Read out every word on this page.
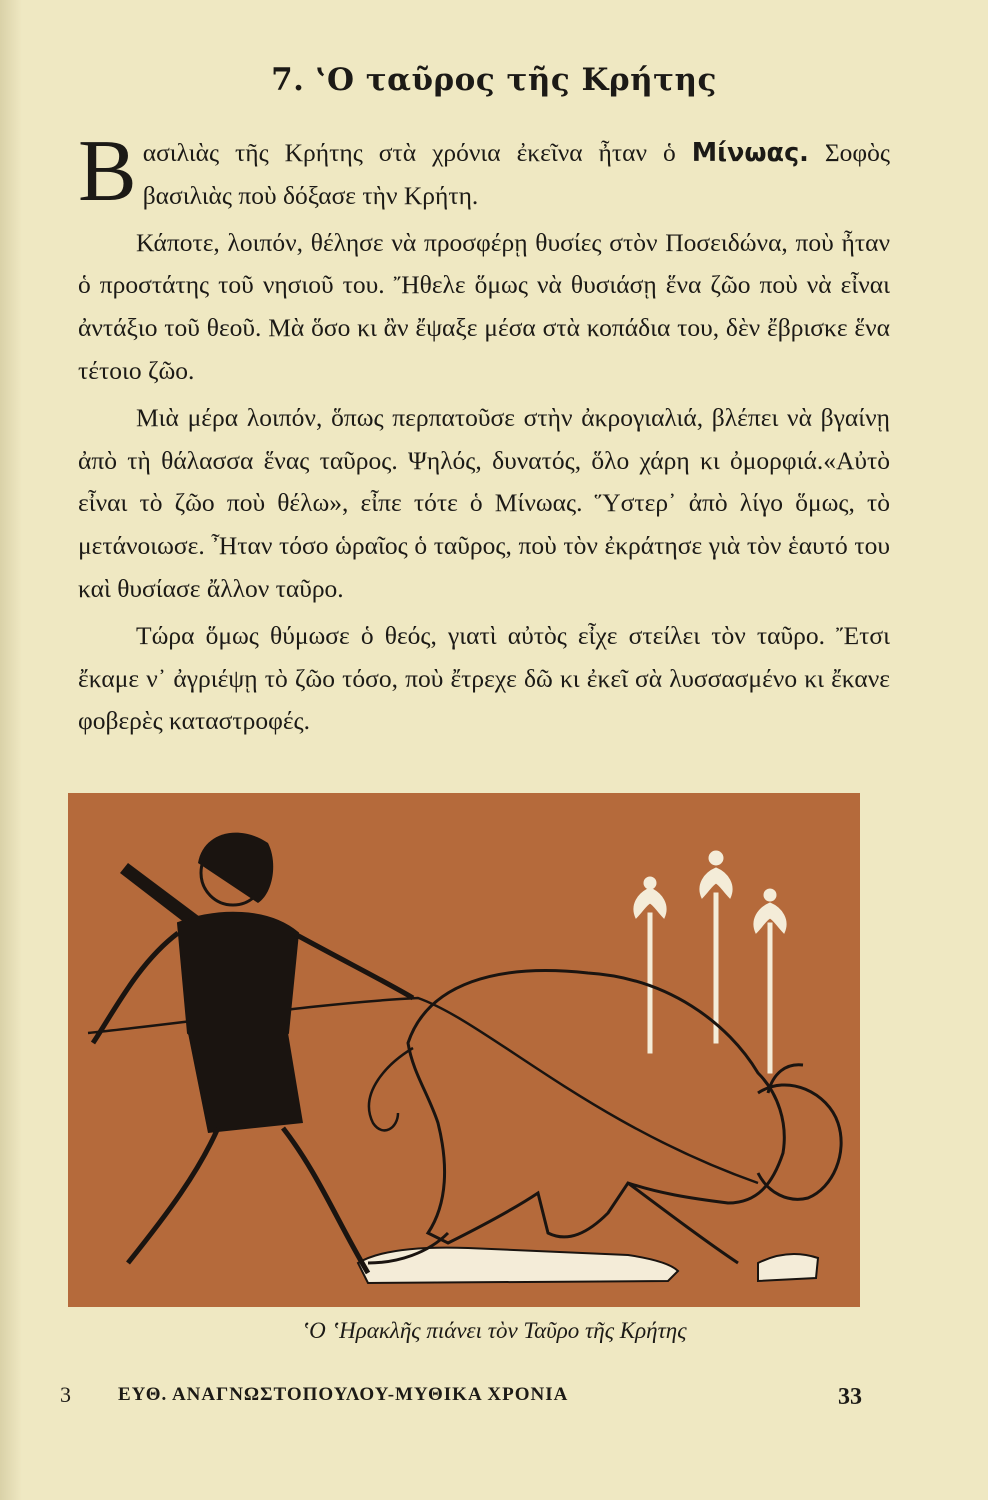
7. ‛Ο ταῦρος τῆς Κρήτης

Βασιλιὰς τῆς Κρήτης στὰ χρόνια ἐκεῖνα ἦταν ὁ Μίνωας. Σοφὸς βασιλιὰς ποὺ δόξασε τὴν Κρήτη.

Κάποτε, λοιπόν, θέλησε νὰ προσφέρῃ θυσίες στὸν Ποσειδώνα, ποὺ ἦταν ὁ προστάτης τοῦ νησιοῦ του. Ἤθελε ὅμως νὰ θυσιάσῃ ἕνα ζῶο ποὺ νὰ εἶναι ἀντάξιο τοῦ θεοῦ. Μὰ ὅσο κι ἂν ἔψαξε μέσα στὰ κοπάδια του, δὲν ἔβρισκε ἕνα τέτοιο ζῶο.

Μιὰ μέρα λοιπόν, ὅπως περπατοῦσε στὴν ἀκρογιαλιά, βλέπει νὰ βγαίνῃ ἀπὸ τὴ θάλασσα ἕνας ταῦρος. Ψηλός, δυνατός, ὅλο χάρη κι ὀμορφιά.«Αὐτὸ εἶναι τὸ ζῶο ποὺ θέλω», εἶπε τότε ὁ Μίνωας. Ὕστερ᾽ ἀπὸ λίγο ὅμως, τὸ μετάνοιωσε. Ἦταν τόσο ὡραῖος ὁ ταῦρος, ποὺ τὸν ἐκράτησε γιὰ τὸν ἑαυτό του καὶ θυσίασε ἄλλον ταῦρο.

Τώρα ὅμως θύμωσε ὁ θεός, γιατὶ αὐτὸς εἶχε στείλει τὸν ταῦρο. Ἔτσι ἔκαμε ν᾽ ἀγριέψῃ τὸ ζῶο τόσο, ποὺ ἔτρεχε δῶ κι ἐκεῖ σὰ λυσσασμένο κι ἔκανε φοβερὲς καταστροφές.

‛Ο ‛Ηρακλῆς πιάνει τὸν Ταῦρο τῆς Κρήτης
3 ΕΥΘ. ΑΝΑΓΝΩΣΤΟΠΟΥΛΟΥ-ΜΥΘΙΚΑ ΧΡΟΝΙΑ	33
